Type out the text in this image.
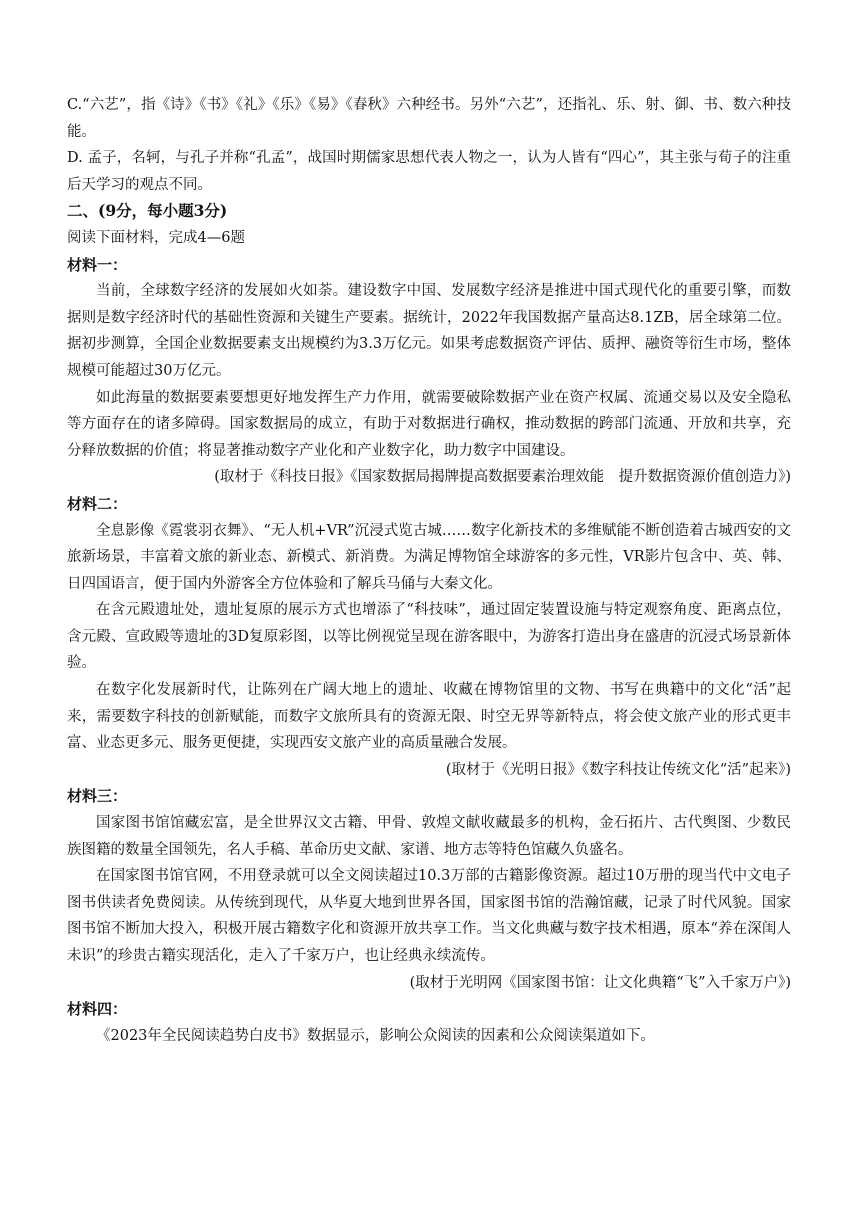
C.“六艺”，指《诗》《书》《礼》《乐》《易》《春秋》六种经书。另外“六艺”，还指礼、乐、射、御、书、数六种技能。

D. 孟子，名轲，与孔子并称“孔孟”，战国时期儒家思想代表人物之一，认为人皆有“四心”，其主张与荀子的注重后天学习的观点不同。

二、(9分，每小题3分)

阅读下面材料，完成4—6题

材料一：

当前，全球数字经济的发展如火如荼。建设数字中国、发展数字经济是推进中国式现代化的重要引擎，而数据则是数字经济时代的基础性资源和关键生产要素。据统计，2022年我国数据产量高达8.1ZB，居全球第二位。据初步测算，全国企业数据要素支出规模约为3.3万亿元。如果考虑数据资产评估、质押、融资等衍生市场，整体规模可能超过30万亿元。

如此海量的数据要素要想更好地发挥生产力作用，就需要破除数据产业在资产权属、流通交易以及安全隐私等方面存在的诸多障碍。国家数据局的成立，有助于对数据进行确权，推动数据的跨部门流通、开放和共享，充分释放数据的价值；将显著推动数字产业化和产业数字化，助力数字中国建设。

(取材于《科技日报》《国家数据局揭牌提高数据要素治理效能　提升数据资源价值创造力》)

材料二：

全息影像《霓裳羽衣舞》、“无人机+VR”沉浸式览古城……数字化新技术的多维赋能不断创造着古城西安的文旅新场景，丰富着文旅的新业态、新模式、新消费。为满足博物馆全球游客的多元性，VR影片包含中、英、韩、日四国语言，便于国内外游客全方位体验和了解兵马俑与大秦文化。

在含元殿遗址处，遗址复原的展示方式也增添了“科技味”，通过固定装置设施与特定观察角度、距离点位，含元殿、宣政殿等遗址的3D复原彩图，以等比例视觉呈现在游客眼中，为游客打造出身在盛唐的沉浸式场景新体验。

在数字化发展新时代，让陈列在广阔大地上的遗址、收藏在博物馆里的文物、书写在典籍中的文化“活”起来，需要数字科技的创新赋能，而数字文旅所具有的资源无限、时空无界等新特点，将会使文旅产业的形式更丰富、业态更多元、服务更便捷，实现西安文旅产业的高质量融合发展。

(取材于《光明日报》《数字科技让传统文化“活”起来》)

材料三：

国家图书馆馆藏宏富，是全世界汉文古籍、甲骨、敦煌文献收藏最多的机构，金石拓片、古代舆图、少数民族图籍的数量全国领先，名人手稿、革命历史文献、家谱、地方志等特色馆藏久负盛名。

在国家图书馆官网，不用登录就可以全文阅读超过10.3万部的古籍影像资源。超过10万册的现当代中文电子图书供读者免费阅读。从传统到现代，从华夏大地到世界各国，国家图书馆的浩瀚馆藏，记录了时代风貌。国家图书馆不断加大投入，积极开展古籍数字化和资源开放共享工作。当文化典藏与数字技术相遇，原本“养在深闺人未识”的珍贵古籍实现活化，走入了千家万户，也让经典永续流传。

(取材于光明网《国家图书馆：让文化典籍“飞”入千家万户》)

材料四：

《2023年全民阅读趋势白皮书》数据显示，影响公众阅读的因素和公众阅读渠道如下。
